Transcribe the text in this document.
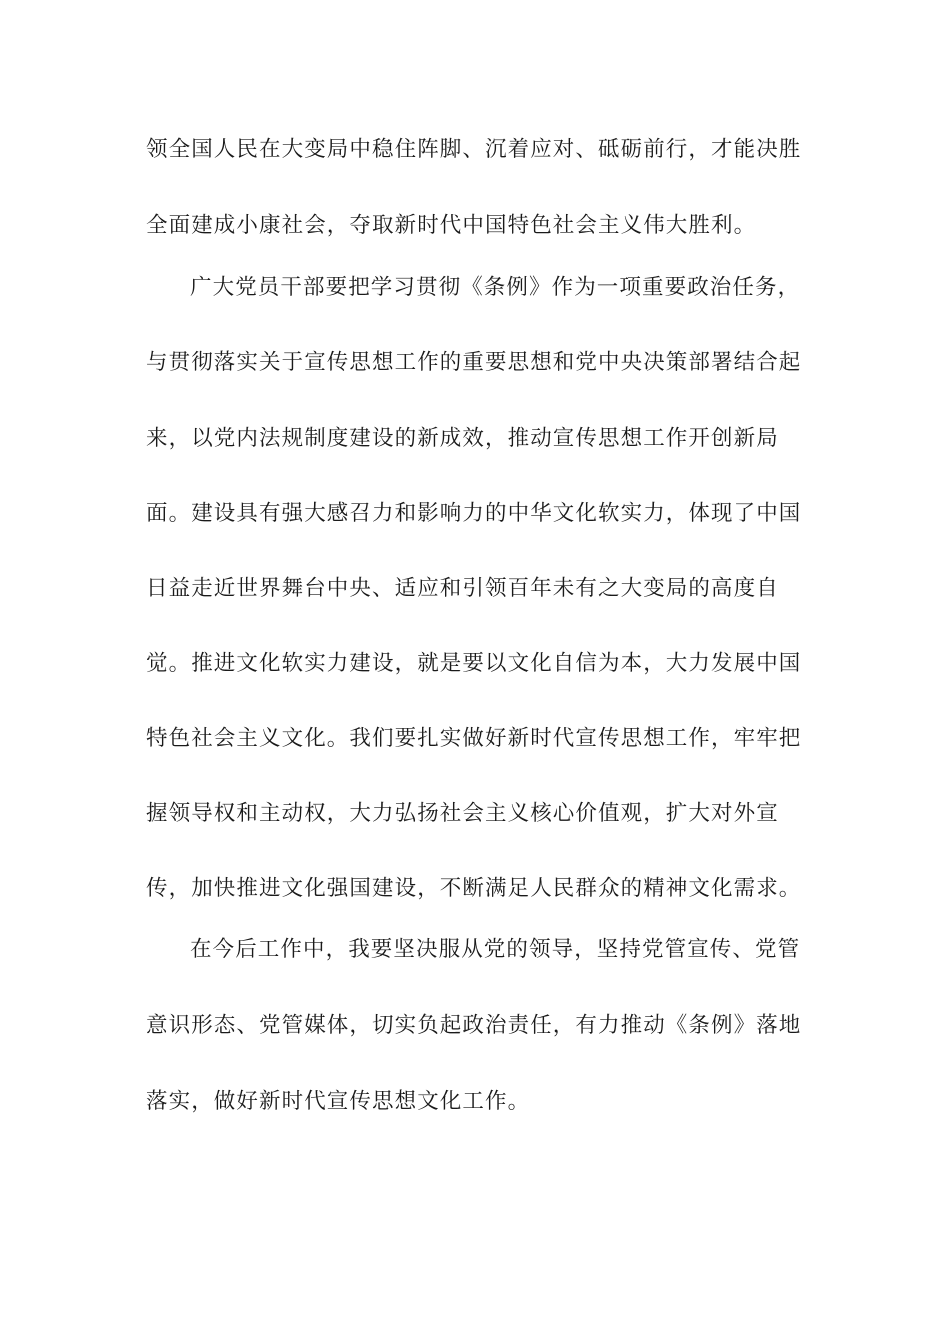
领全国人民在大变局中稳住阵脚、沉着应对、砥砺前行，才能决胜
全面建成小康社会，夺取新时代中国特色社会主义伟大胜利。
广大党员干部要把学习贯彻《条例》作为一项重要政治任务，
与贯彻落实关于宣传思想工作的重要思想和党中央决策部署结合起
来，以党内法规制度建设的新成效，推动宣传思想工作开创新局
面。建设具有强大感召力和影响力的中华文化软实力，体现了中国
日益走近世界舞台中央、适应和引领百年未有之大变局的高度自
觉。推进文化软实力建设，就是要以文化自信为本，大力发展中国
特色社会主义文化。我们要扎实做好新时代宣传思想工作，牢牢把
握领导权和主动权，大力弘扬社会主义核心价值观，扩大对外宣
传，加快推进文化强国建设，不断满足人民群众的精神文化需求。
在今后工作中，我要坚决服从党的领导，坚持党管宣传、党管
意识形态、党管媒体，切实负起政治责任，有力推动《条例》落地
落实，做好新时代宣传思想文化工作。
